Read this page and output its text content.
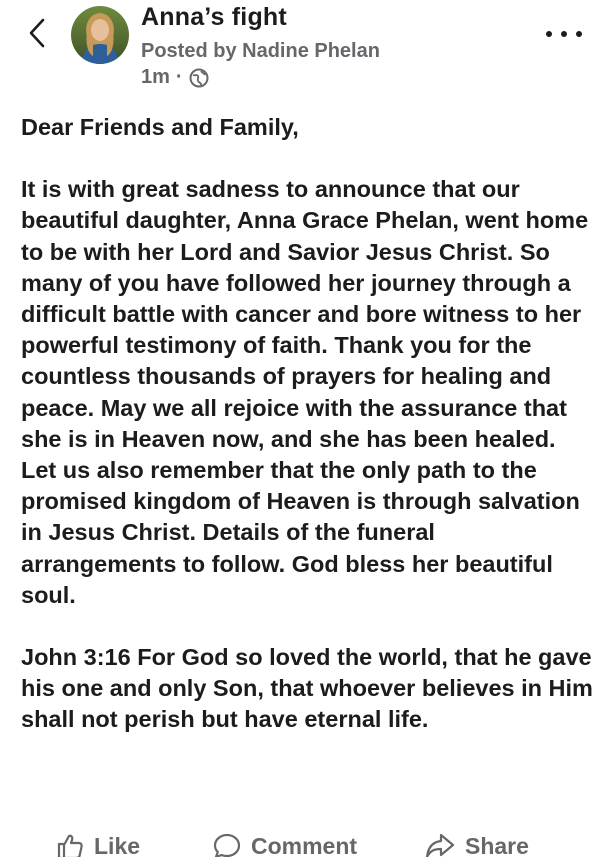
Anna’s fight
Posted by Nadine Phelan
1m ·

Dear Friends and Family,

It is with great sadness to announce that our beautiful daughter, Anna Grace Phelan, went home to be with her Lord and Savior Jesus Christ. So many of you have followed her journey through a difficult battle with cancer and bore witness to her powerful testimony of faith. Thank you for the countless thousands of prayers for healing and peace. May we all rejoice with the assurance that she is in Heaven now, and she has been healed. Let us also remember that the only path to the promised kingdom of Heaven is through salvation in Jesus Christ. Details of the funeral arrangements to follow. God bless her beautiful soul.

John 3:16 For God so loved the world, that he gave his one and only Son, that whoever believes in Him shall not perish but have eternal life.

Like	Comment	Share
